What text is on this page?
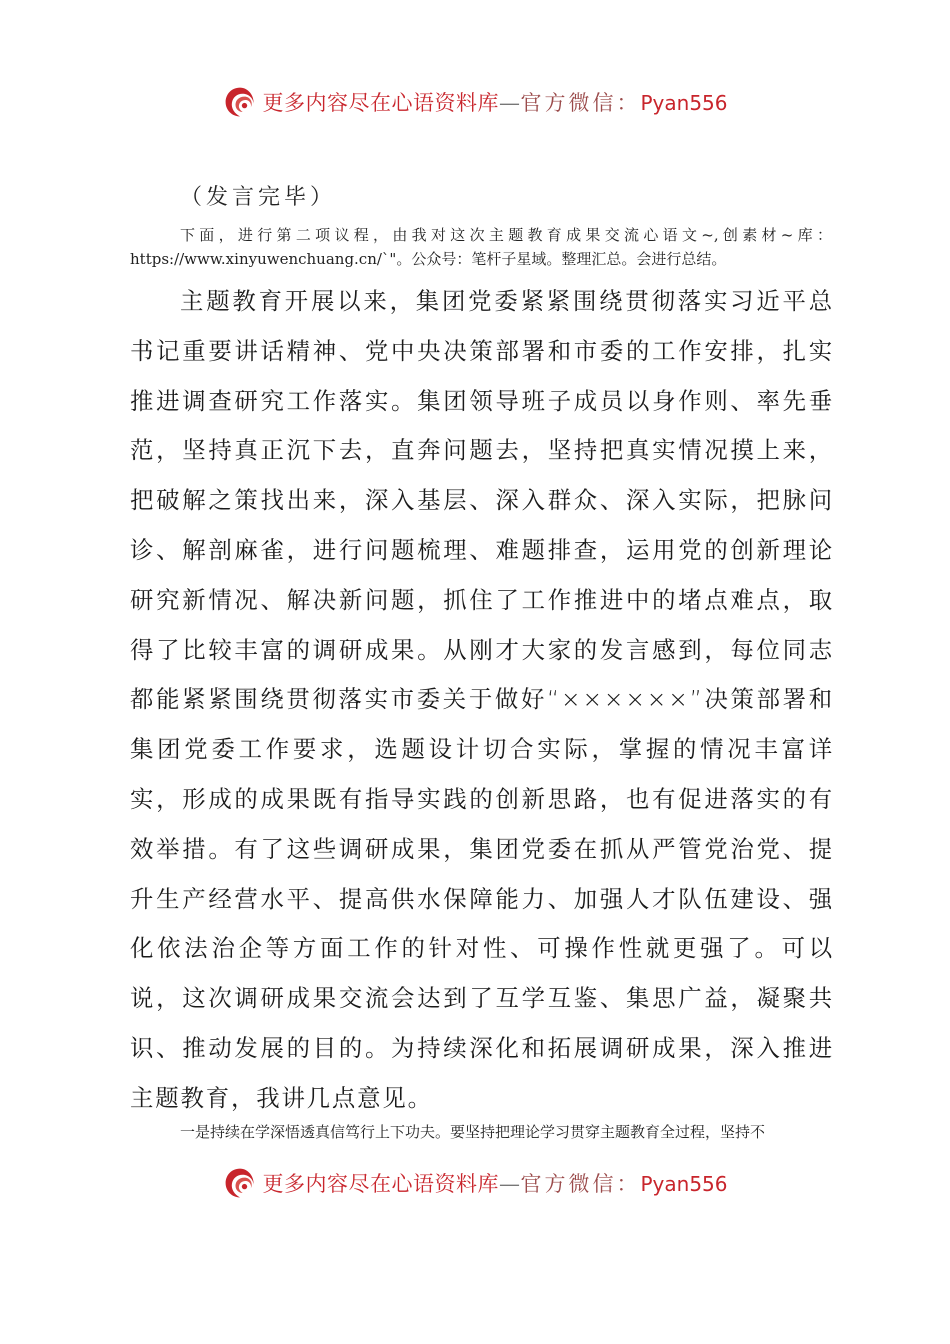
更多内容尽在心语资料库—官方微信：Pyan556
（发言完毕）

下面，进行第二项议程，由我对这次主题教育成果交流心语文~,创素材~库：https://www.xinyuwenchuang.cn/`"。公众号：笔杆子星域。整理汇总。会进行总结。

主题教育开展以来，集团党委紧紧围绕贯彻落实习近平总书记重要讲话精神、党中央决策部署和市委的工作安排，扎实推进调查研究工作落实。集团领导班子成员以身作则、率先垂范，坚持真正沉下去，直奔问题去，坚持把真实情况摸上来，把破解之策找出来，深入基层、深入群众、深入实际，把脉问诊、解剖麻雀，进行问题梳理、难题排查，运用党的创新理论研究新情况、解决新问题，抓住了工作推进中的堵点难点，取得了比较丰富的调研成果。从刚才大家的发言感到，每位同志都能紧紧围绕贯彻落实市委关于做好“××××××”决策部署和集团党委工作要求，选题设计切合实际，掌握的情况丰富详实，形成的成果既有指导实践的创新思路，也有促进落实的有效举措。有了这些调研成果，集团党委在抓从严管党治党、提升生产经营水平、提高供水保障能力、加强人才队伍建设、强化依法治企等方面工作的针对性、可操作性就更强了。可以说，这次调研成果交流会达到了互学互鉴、集思广益，凝聚共识、推动发展的目的。为持续深化和拓展调研成果，深入推进主题教育，我讲几点意见。

一是持续在学深悟透真信笃行上下功夫。要坚持把理论学习贯穿主题教育全过程，坚持不

更多内容尽在心语资料库—官方微信：Pyan556
